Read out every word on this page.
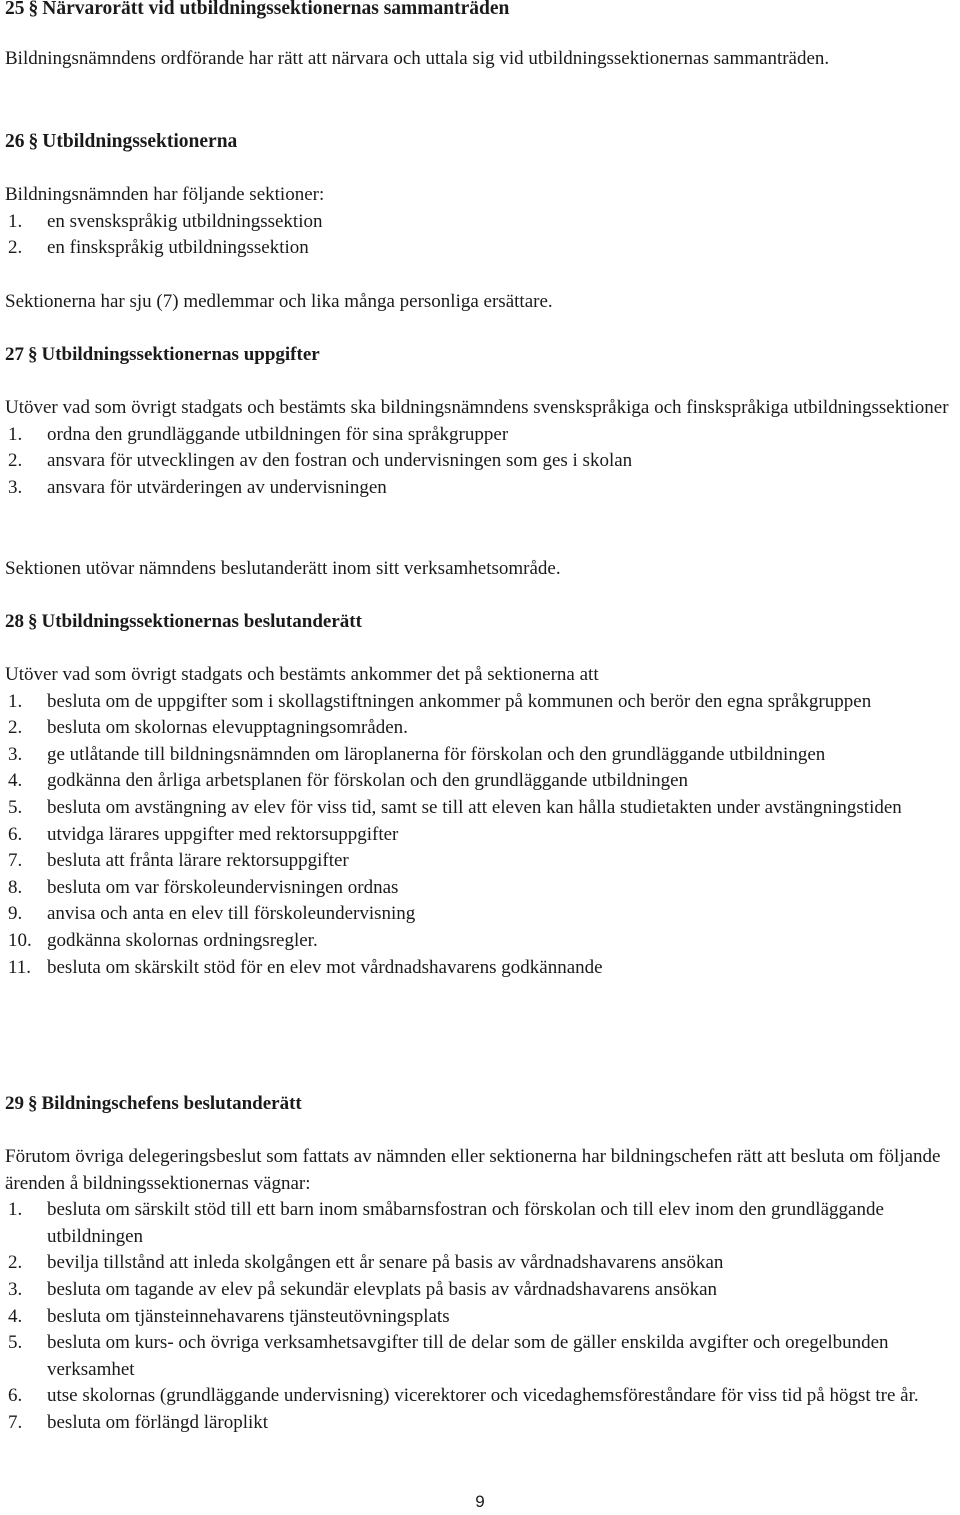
25 § Närvarorätt vid utbildningssektionernas sammanträden
Bildningsnämndens ordförande har rätt att närvara och uttala sig vid utbildningssektionernas sammanträden.
26 § Utbildningssektionerna
Bildningsnämnden har följande sektioner:
1.	en svenskspråkig utbildningssektion
2.	en finskspråkig utbildningssektion
Sektionerna har sju (7) medlemmar och lika många personliga ersättare.
27 § Utbildningssektionernas uppgifter
Utöver vad som övrigt stadgats och bestämts ska bildningsnämndens svenskspråkiga och finskspråkiga utbildningssektioner
1.	ordna den grundläggande utbildningen för sina språkgrupper
2.	ansvara för utvecklingen av den fostran och undervisningen som ges i skolan
3.	ansvara för utvärderingen av undervisningen
Sektionen utövar nämndens beslutanderätt inom sitt verksamhetsområde.
28 § Utbildningssektionernas beslutanderätt
Utöver vad som övrigt stadgats och bestämts ankommer det på sektionerna att
1.	besluta om de uppgifter som i skollagstiftningen ankommer på kommunen och berör den egna språkgruppen
2.	besluta om skolornas elevupptagningsområden.
3.	ge utlåtande till bildningsnämnden om läroplanerna för förskolan och den grundläggande utbildningen
4.	godkänna den årliga arbetsplanen för förskolan och den grundläggande utbildningen
5.	besluta om avstängning av elev för viss tid, samt se till att eleven kan hålla studietakten under avstängningstiden
6.	utvidga lärares uppgifter med rektorsuppgifter
7.	besluta att fråntа lärare rektorsuppgifter
8.	besluta om var förskoleundervisningen ordnas
9.	anvisa och anta en elev till förskoleundervisning
10. godkänna skolornas ordningsregler.
11. besluta om skärskilt stöd för en elev mot vårdnadshavarens godkännande
29 § Bildningschefens beslutanderätt
Förutom övriga delegeringsbeslut som fattats av nämnden eller sektionerna har bildningschefen rätt att besluta om följande ärenden å bildningssektionernas vägnar:
1.	besluta om särskilt stöd till ett barn inom småbarnsfostran och förskolan och till elev inom den grundläggande utbildningen
2.	bevilja tillstånd att inleda skolgången ett år senare på basis av vårdnadshavarens ansökan
3.	besluta om tagande av elev på sekundär elevplats på basis av vårdnadshavarens ansökan
4.	besluta om tjänsteinnehavarens tjänsteutövningsplats
5.	besluta om kurs- och övriga verksamhetsavgifter till de delar som de gäller enskilda avgifter och oregelbunden verksamhet
6.	utse skolornas (grundläggande undervisning) vicerektorer och vicedaghemsföreståndare för viss tid på högst tre år.
7.	besluta om förlängd läroplikt
9
